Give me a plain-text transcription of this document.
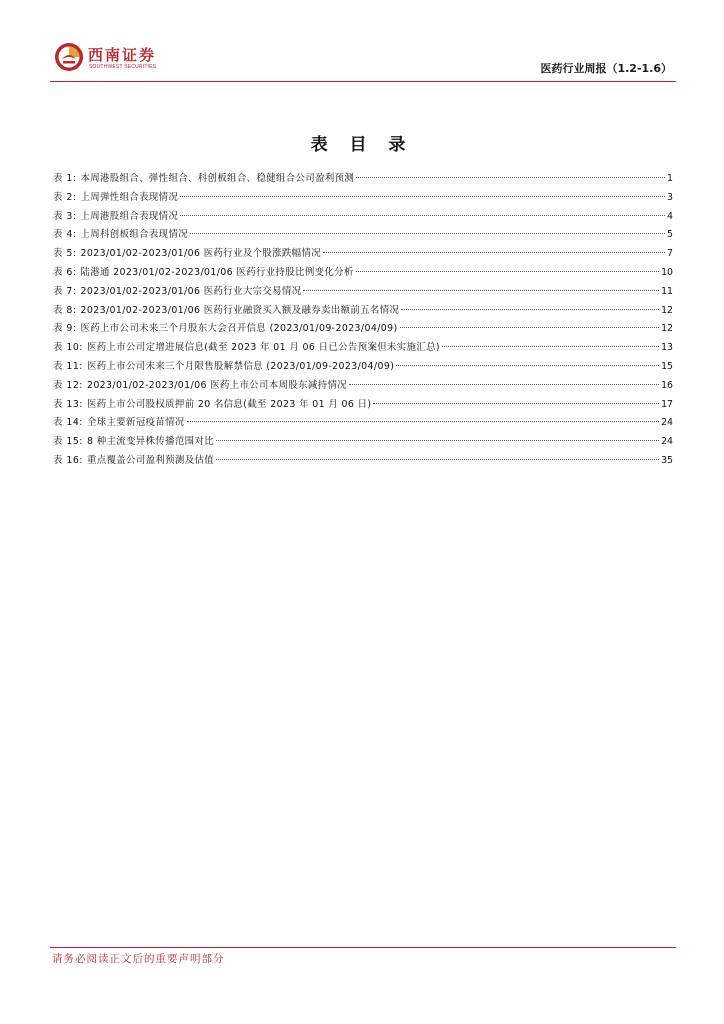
西南证券
SOUTHWEST SECURITIES	医药行业周报（1.2-1.6）
表 目 录
表 1: 本周港股组合、弹性组合、科创板组合、稳健组合公司盈利预测	1
表 2: 上周弹性组合表现情况	3
表 3: 上周港股组合表现情况	4
表 4: 上周科创板组合表现情况	5
表 5: 2023/01/02-2023/01/06 医药行业及个股涨跌幅情况	7
表 6: 陆港通 2023/01/02-2023/01/06 医药行业持股比例变化分析	10
表 7: 2023/01/02-2023/01/06 医药行业大宗交易情况	11
表 8: 2023/01/02-2023/01/06 医药行业融资买入额及融券卖出额前五名情况	12
表 9: 医药上市公司未来三个月股东大会召开信息 (2023/01/09-2023/04/09)	12
表 10: 医药上市公司定增进展信息(截至 2023 年 01 月 06 日已公告预案但未实施汇总)	13
表 11: 医药上市公司未来三个月限售股解禁信息 (2023/01/09-2023/04/09)	15
表 12: 2023/01/02-2023/01/06 医药上市公司本周股东减持情况	16
表 13: 医药上市公司股权质押前 20 名信息(截至 2023 年 01 月 06 日)	17
表 14: 全球主要新冠疫苗情况	24
表 15: 8 种主流变异株传播范围对比	24
表 16: 重点覆盖公司盈利预测及估值	35
请务必阅读正文后的重要声明部分
